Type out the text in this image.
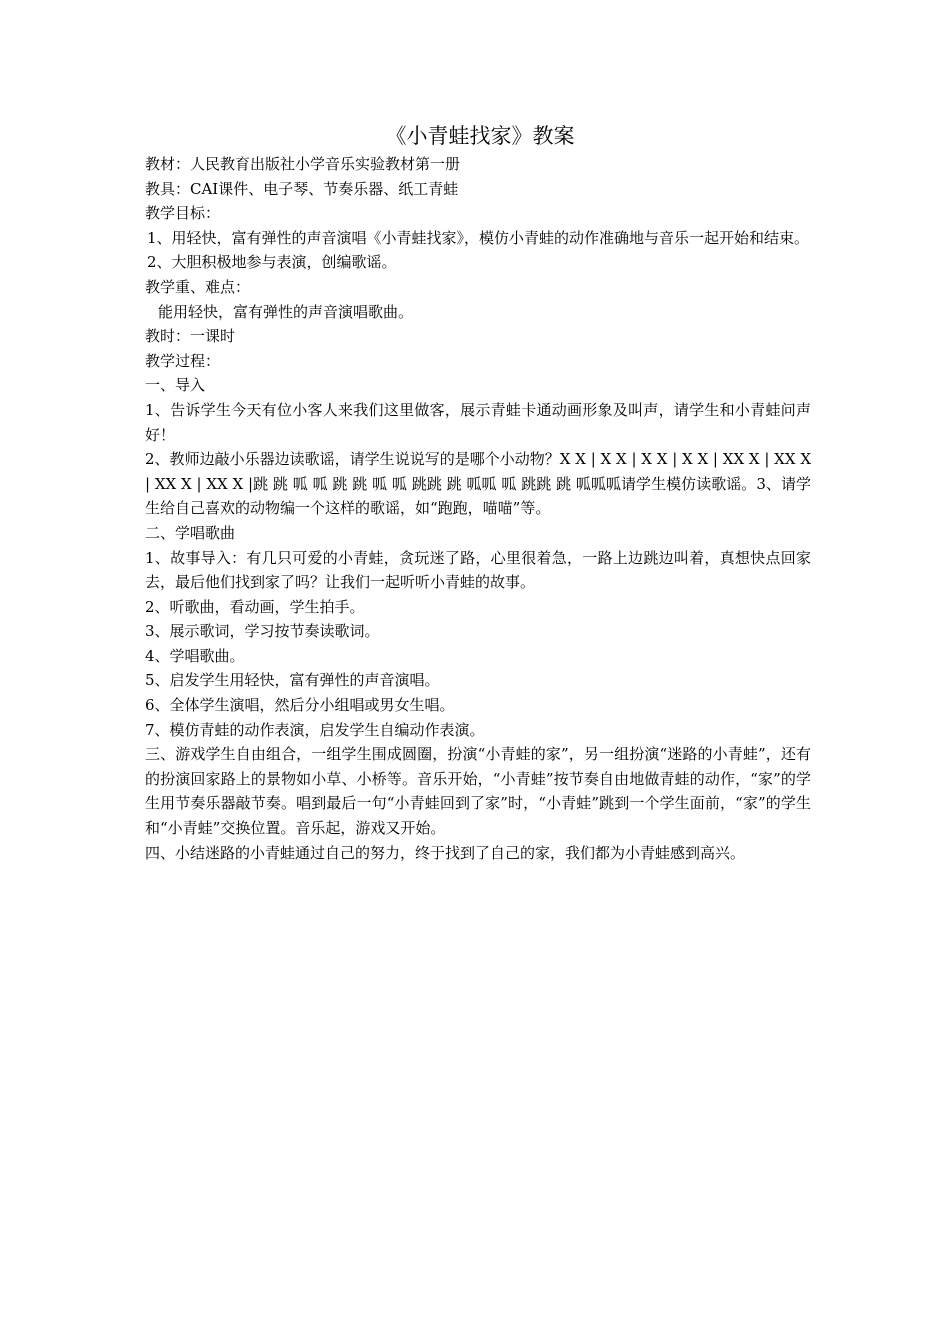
《小青蛙找家》教案

教材：人民教育出版社小学音乐实验教材第一册

教具：CAI课件、电子琴、节奏乐器、纸工青蛙

教学目标：

1、用轻快，富有弹性的声音演唱《小青蛙找家》，模仿小青蛙的动作准确地与音乐一起开始和结束。

2、大胆积极地参与表演，创编歌谣。

教学重、难点：

能用轻快，富有弹性的声音演唱歌曲。

教时：一课时

教学过程：

一、导入

1、告诉学生今天有位小客人来我们这里做客，展示青蛙卡通动画形象及叫声，请学生和小青蛙问声好！

2、教师边敲小乐器边读歌谣，请学生说说写的是哪个小动物？X X | X X | X X | X X | XX X | XX X | XX X | XX X |跳 跳 呱 呱 跳 跳 呱 呱 跳跳 跳 呱呱 呱 跳跳 跳 呱呱呱请学生模仿读歌谣。3、请学生给自己喜欢的动物编一个这样的歌谣，如“跑跑，喵喵”等。

二、学唱歌曲

1、故事导入：有几只可爱的小青蛙，贪玩迷了路，心里很着急，一路上边跳边叫着，真想快点回家去，最后他们找到家了吗？让我们一起听听小青蛙的故事。

2、听歌曲，看动画，学生拍手。

3、展示歌词，学习按节奏读歌词。

4、学唱歌曲。

5、启发学生用轻快，富有弹性的声音演唱。

6、全体学生演唱，然后分小组唱或男女生唱。

7、模仿青蛙的动作表演，启发学生自编动作表演。

三、游戏学生自由组合，一组学生围成圆圈，扮演“小青蛙的家”，另一组扮演“迷路的小青蛙”，还有的扮演回家路上的景物如小草、小桥等。音乐开始，“小青蛙”按节奏自由地做青蛙的动作，“家”的学生用节奏乐器敲节奏。唱到最后一句“小青蛙回到了家”时，“小青蛙”跳到一个学生面前，“家”的学生和“小青蛙”交换位置。音乐起，游戏又开始。

四、小结迷路的小青蛙通过自己的努力，终于找到了自己的家，我们都为小青蛙感到高兴。
